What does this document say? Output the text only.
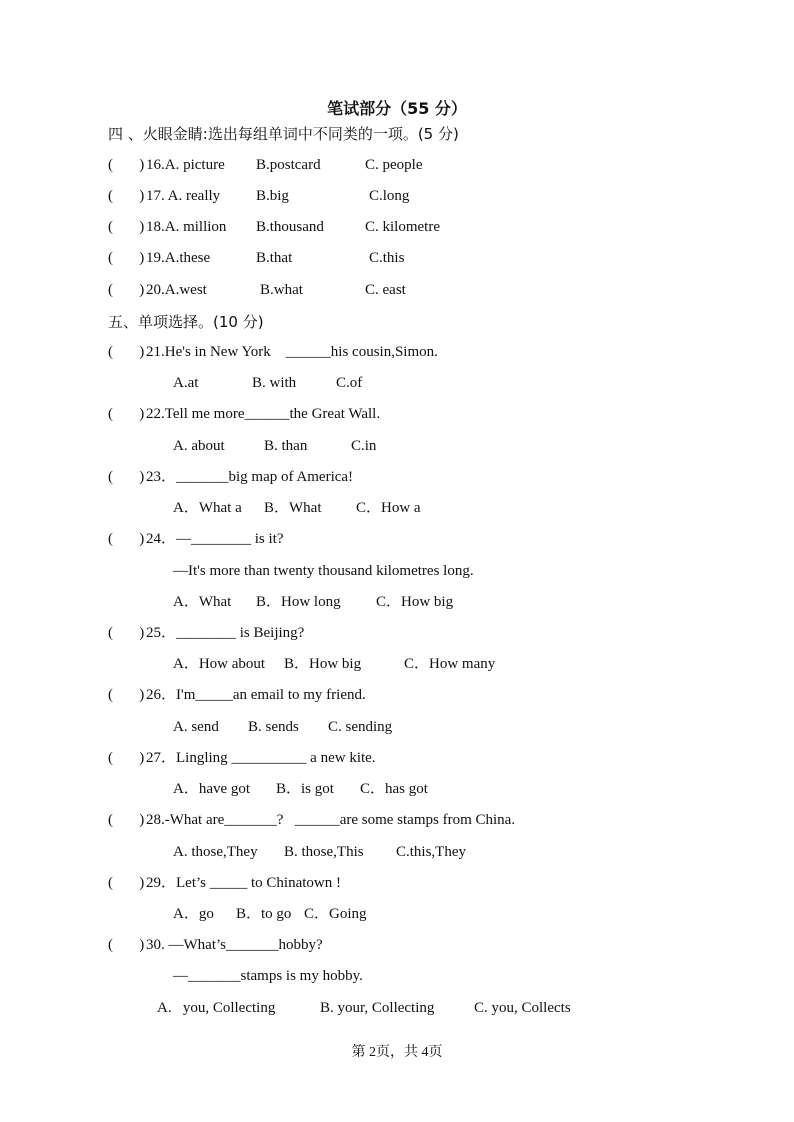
笔试部分（55 分）
四 、火眼金睛:选出每组单词中不同类的一项。(5 分)
(       ) 16.A. picture B.postcard	C. people
(       ) 17. A. really B.big	C.long
(       ) 18.A. million B.thousand	C. kilometre
(       ) 19.A.these	B.that	C.this
(       ) 20.A.west	B.what	C. east
五、单项选择。(10 分)
(       ) 21.He's in New York    ______his cousin,Simon.
A.at	B. with	C.of
(       ) 22.Tell me more______the Great Wall.
A. about	B. than	C.in
(       ) 23．_______big map of America!
A．What a B．What C．How a
(       ) 24．—________ is it?
—It's more than twenty thousand kilometres long.
A．What B．How long C．How big
(       ) 25．________ is Beijing?
A．How about B．How big	C．How many
(       ) 26．I'm_____an email to my friend.
A. send B. sends C. sending
(       ) 27．Lingling __________ a new kite.
A．have got B．is got C．has got
(       ) 28.-What are_______?   ______are some stamps from China.
A. those,They B. those,This C.this,They
(       ) 29．Let’s _____ to Chinatown !
A．go B．to go C．Going
(       ) 30. —What’s_______hobby?
—_______stamps is my hobby.
A.   you, Collecting	B. your, Collecting	C. you, Collects
第 2页，共 4页
